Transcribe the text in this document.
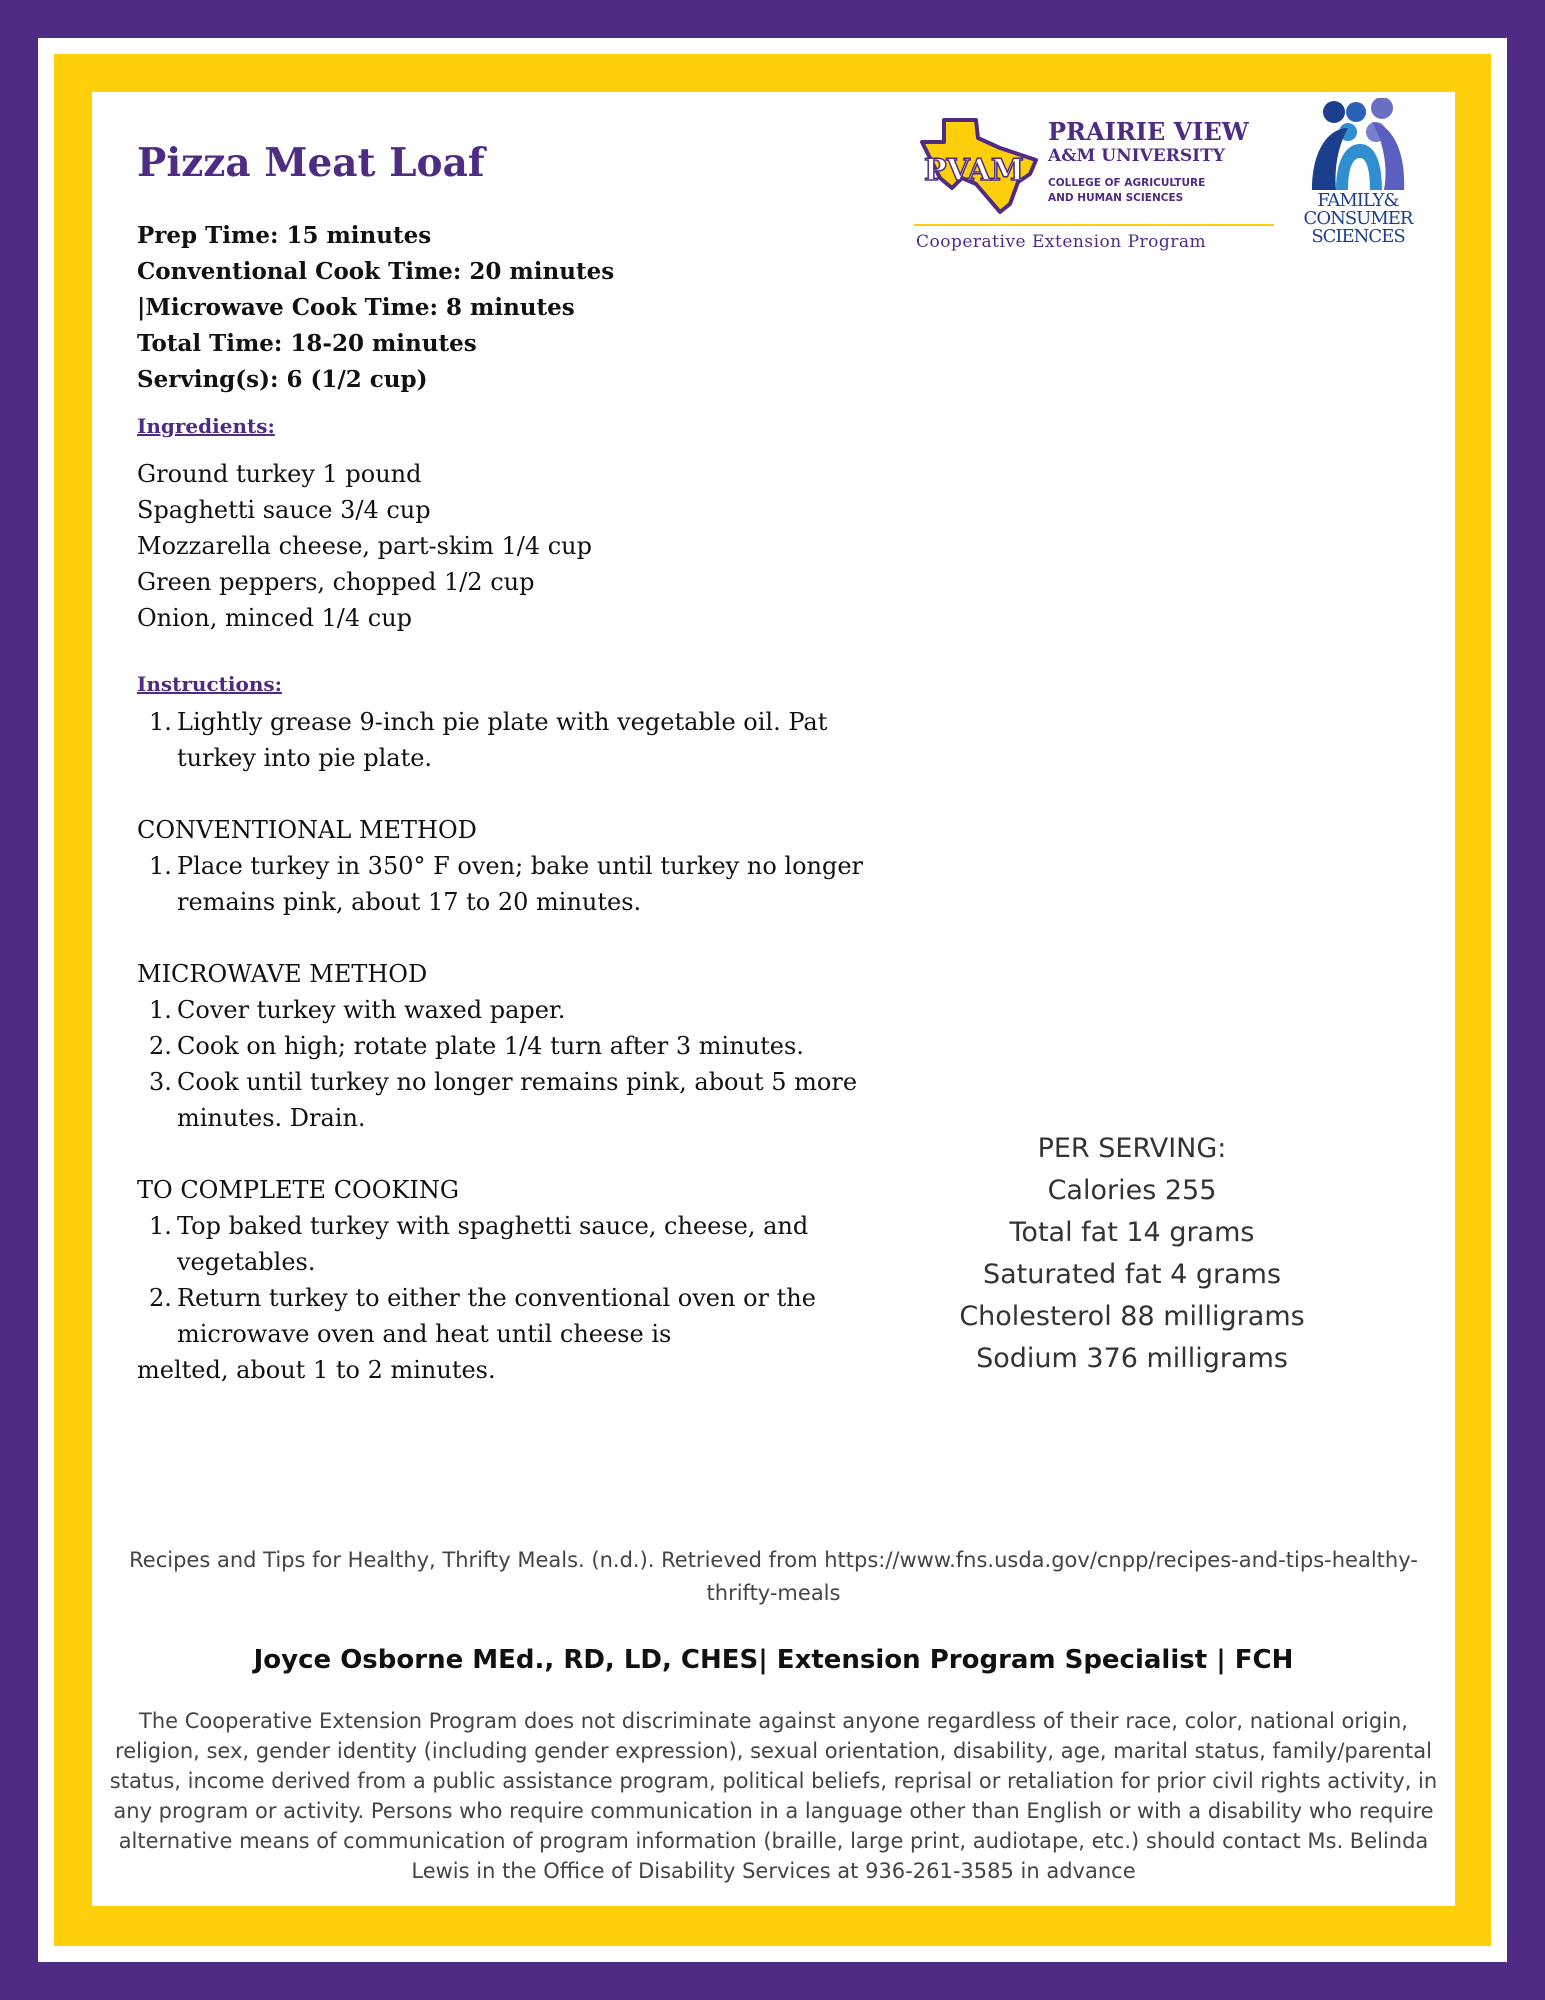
Pizza Meat Loaf
Prep Time: 15 minutes
Conventional Cook Time: 20 minutes
|Microwave Cook Time: 8 minutes
Total Time: 18-20 minutes
Serving(s): 6 (1/2 cup)
Ingredients:
Ground turkey 1 pound
Spaghetti sauce 3/4 cup
Mozzarella cheese, part-skim 1/4 cup
Green peppers, chopped 1/2 cup
Onion, minced 1/4 cup
Instructions:
1. Lightly grease 9-inch pie plate with vegetable oil. Pat turkey into pie plate.

CONVENTIONAL METHOD

1. Place turkey in 350° F oven; bake until turkey no longer remains pink, about 17 to 20 minutes.

MICROWAVE METHOD

1. Cover turkey with waxed paper.
2. Cook on high; rotate plate 1/4 turn after 3 minutes.
3. Cook until turkey no longer remains pink, about 5 more minutes. Drain.

TO COMPLETE COOKING

1. Top baked turkey with spaghetti sauce, cheese, and vegetables.
2. Return turkey to either the conventional oven or the microwave oven and heat until cheese is

melted, about 1 to 2 minutes.

PER SERVING:
Calories 255
Total fat 14 grams
Saturated fat 4 grams
Cholesterol 88 milligrams
Sodium 376 milligrams

Recipes and Tips for Healthy, Thrifty Meals. (n.d.). Retrieved from https://www.fns.usda.gov/cnpp/recipes-and-tips-healthy-thrifty-meals

Joyce Osborne MEd., RD, LD, CHES| Extension Program Specialist | FCH

The Cooperative Extension Program does not discriminate against anyone regardless of their race, color, national origin, religion, sex, gender identity (including gender expression), sexual orientation, disability, age, marital status, family/parental status, income derived from a public assistance program, political beliefs, reprisal or retaliation for prior civil rights activity, in any program or activity. Persons who require communication in a language other than English or with a disability who require alternative means of communication of program information (braille, large print, audiotape, etc.) should contact Ms. Belinda Lewis in the Office of Disability Services at 936-261-3585 in advance

PVAM
PRAIRIE VIEW
A&M UNIVERSITY
COLLEGE OF AGRICULTURE
AND HUMAN SCIENCES
Cooperative Extension Program
FAMILY&
CONSUMER
SCIENCES
